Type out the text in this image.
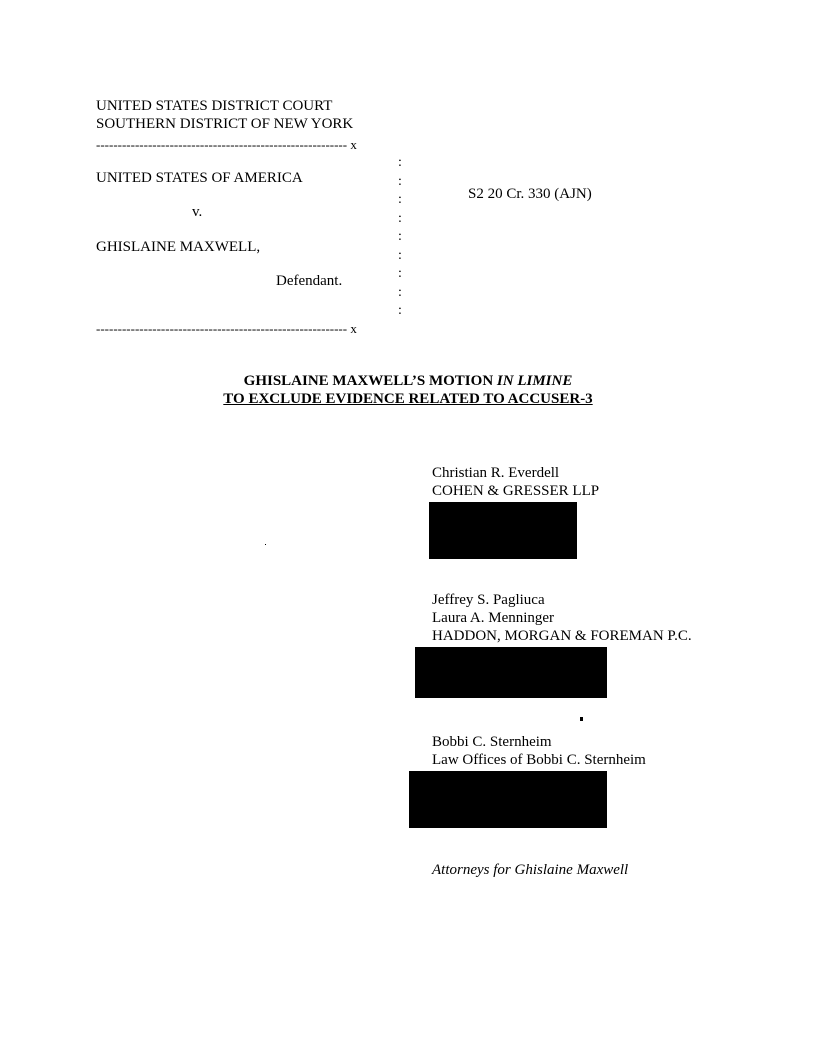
UNITED STATES DISTRICT COURT
SOUTHERN DISTRICT OF NEW YORK
---------------------------------------------------------- x
:
:
:
:
:
:
:
:
:
UNITED STATES OF AMERICA
v.
GHISLAINE MAXWELL,
Defendant.
S2 20 Cr. 330 (AJN)
---------------------------------------------------------- x
GHISLAINE MAXWELL’S MOTION IN LIMINE
TO EXCLUDE EVIDENCE RELATED TO ACCUSER-3
Christian R. Everdell
COHEN & GRESSER LLP
Jeffrey S. Pagliuca
Laura A. Menninger
HADDON, MORGAN & FOREMAN P.C.
Bobbi C. Sternheim
Law Offices of Bobbi C. Sternheim
Attorneys for Ghislaine Maxwell
